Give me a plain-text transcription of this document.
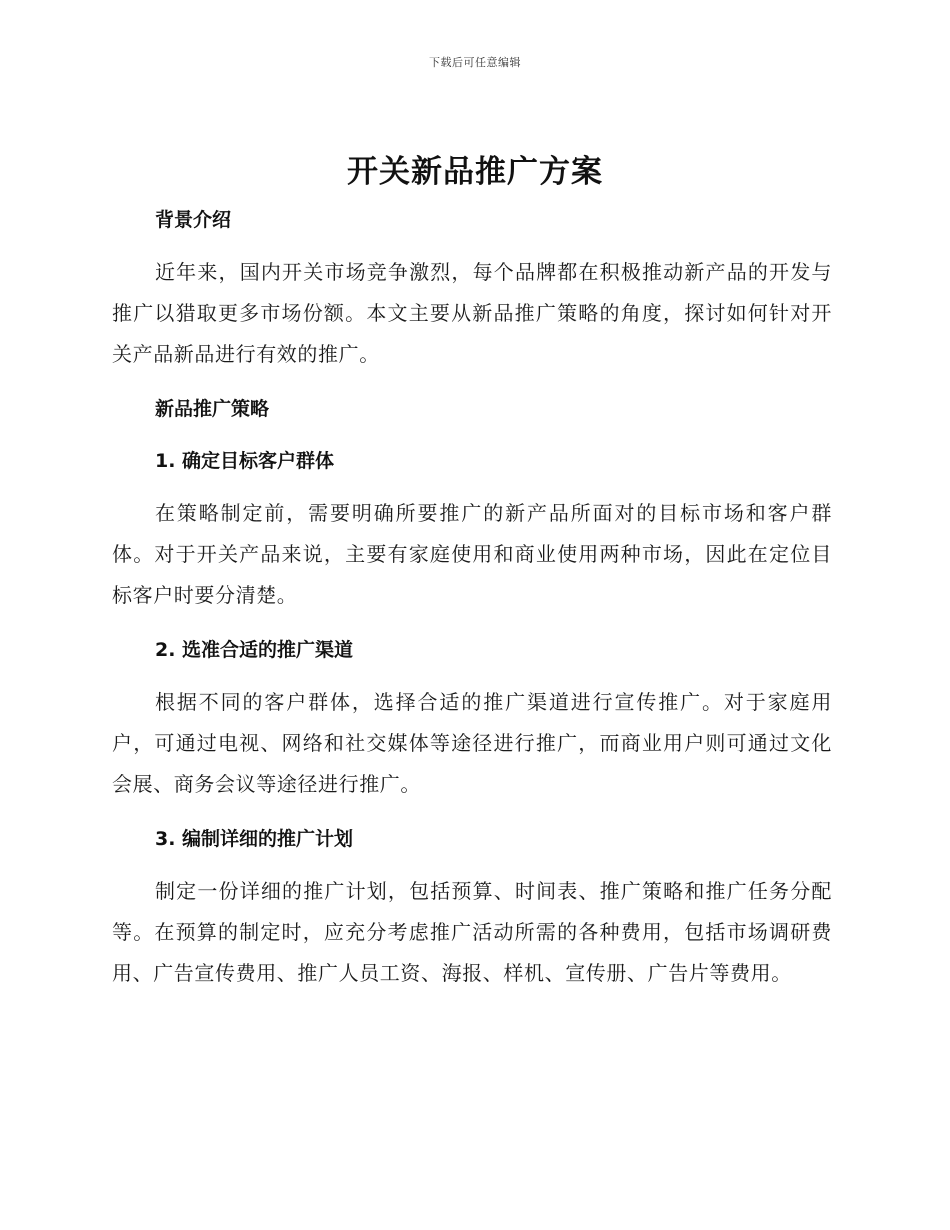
下载后可任意编辑
开关新品推广方案
背景介绍

近年来，国内开关市场竞争激烈，每个品牌都在积极推动新产品的开发与推广以猎取更多市场份额。本文主要从新品推广策略的角度，探讨如何针对开关产品新品进行有效的推广。

新品推广策略
1. 确定目标客户群体

在策略制定前，需要明确所要推广的新产品所面对的目标市场和客户群体。对于开关产品来说，主要有家庭使用和商业使用两种市场，因此在定位目标客户时要分清楚。

2. 选准合适的推广渠道

根据不同的客户群体，选择合适的推广渠道进行宣传推广。对于家庭用户，可通过电视、网络和社交媒体等途径进行推广，而商业用户则可通过文化会展、商务会议等途径进行推广。

3. 编制详细的推广计划

制定一份详细的推广计划，包括预算、时间表、推广策略和推广任务分配等。在预算的制定时，应充分考虑推广活动所需的各种费用，包括市场调研费用、广告宣传费用、推广人员工资、海报、样机、宣传册、广告片等费用。
